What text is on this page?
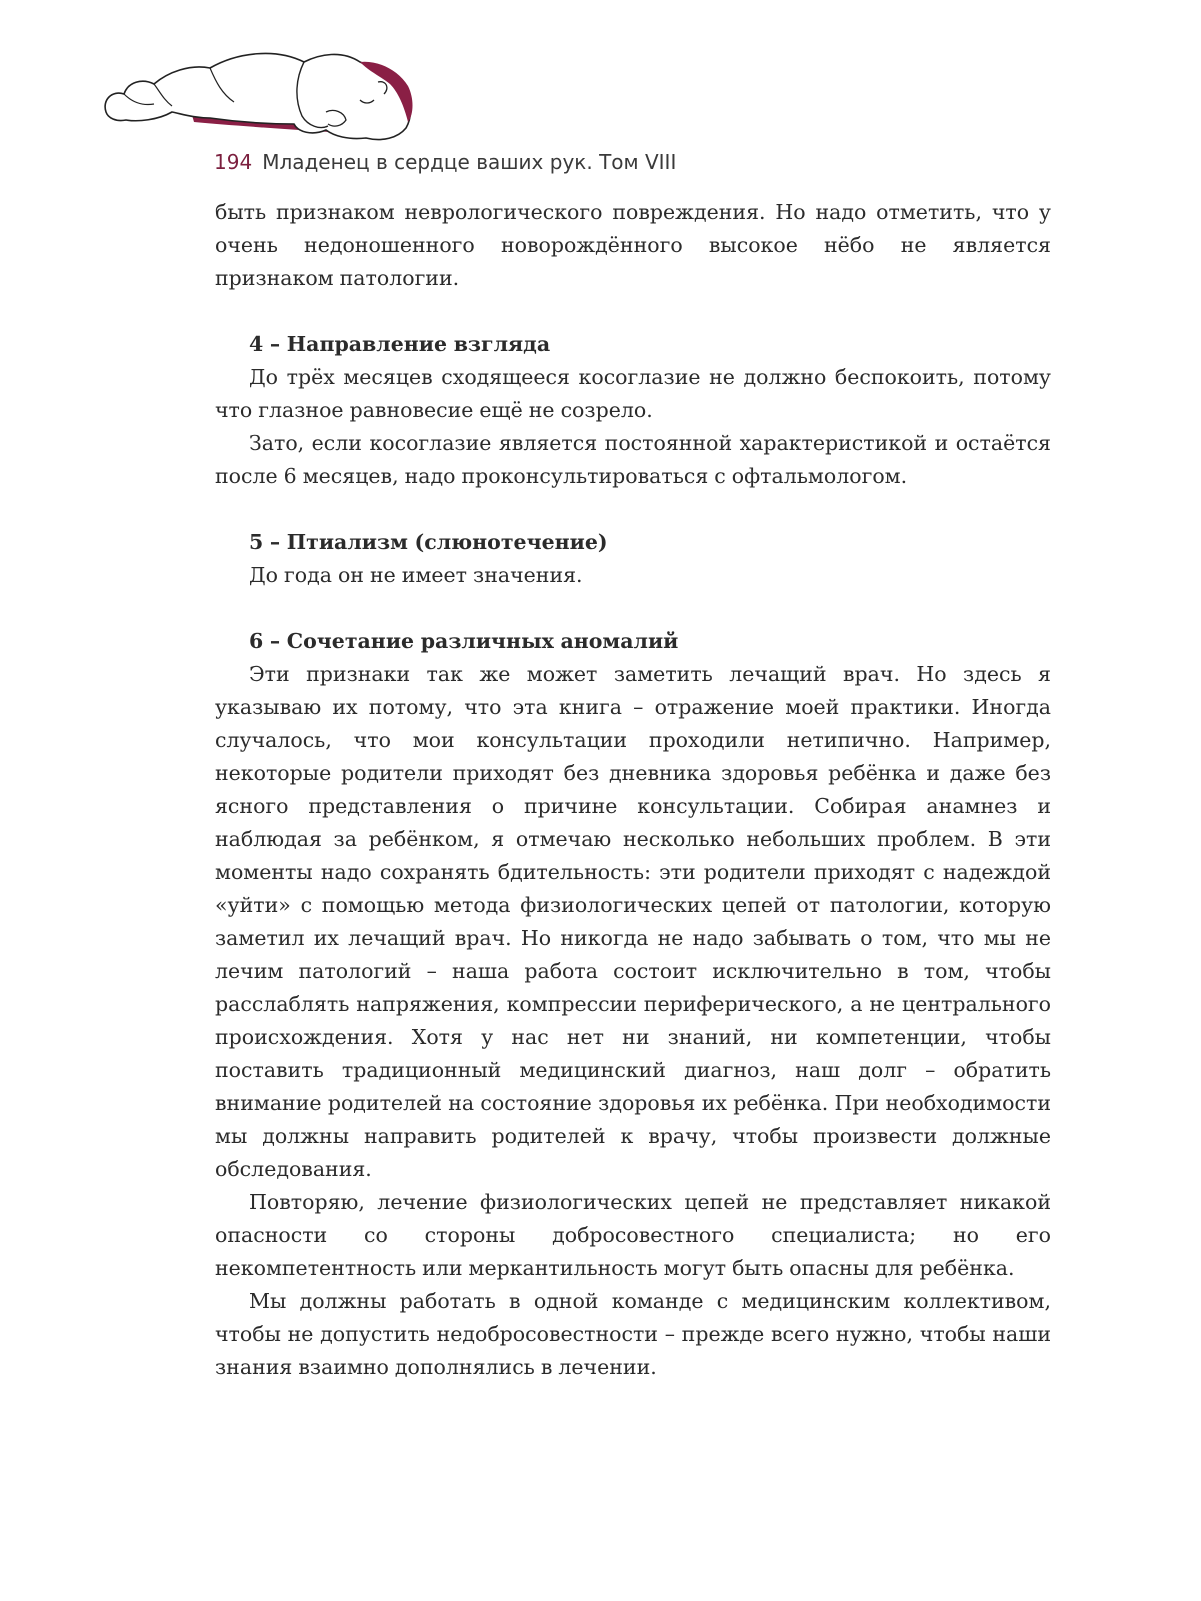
194 Младенец в сердце ваших рук. Том VIII

быть признаком неврологического повреждения. Но надо отметить, что у очень недоношенного новорождённого высокое нёбо не является признаком патологии.

4 – Направление взгляда

До трёх месяцев сходящееся косоглазие не должно беспокоить, потому что глазное равновесие ещё не созрело.

Зато, если косоглазие является постоянной характеристикой и остаётся после 6 месяцев, надо проконсультироваться с офтальмологом.

5 – Птиализм (слюнотечение)

До года он не имеет значения.

6 – Сочетание различных аномалий

Эти признаки так же может заметить лечащий врач. Но здесь я указываю их потому, что эта книга – отражение моей практики. Иногда случалось, что мои консультации проходили нетипично. Например, некоторые родители приходят без дневника здоровья ребёнка и даже без ясного представления о причине консультации. Собирая анамнез и наблюдая за ребёнком, я отмечаю несколько небольших проблем. В эти моменты надо сохранять бдительность: эти родители приходят с надеждой «уйти» с помощью метода физиологических цепей от патологии, которую заметил их лечащий врач. Но никогда не надо забывать о том, что мы не лечим патологий – наша работа состоит исключительно в том, чтобы расслаблять напряжения, компрессии периферического, а не центрального происхождения. Хотя у нас нет ни знаний, ни компетенции, чтобы поставить традиционный медицинский диагноз, наш долг – обратить внимание родителей на состояние здоровья их ребёнка. При необходимости мы должны направить родителей к врачу, чтобы произвести должные обследования.

Повторяю, лечение физиологических цепей не представляет никакой опасности со стороны добросовестного специалиста; но его некомпетентность или меркантильность могут быть опасны для ребёнка.

Мы должны работать в одной команде с медицинским коллективом, чтобы не допустить недобросовестности – прежде всего нужно, чтобы наши знания взаимно дополнялись в лечении.
